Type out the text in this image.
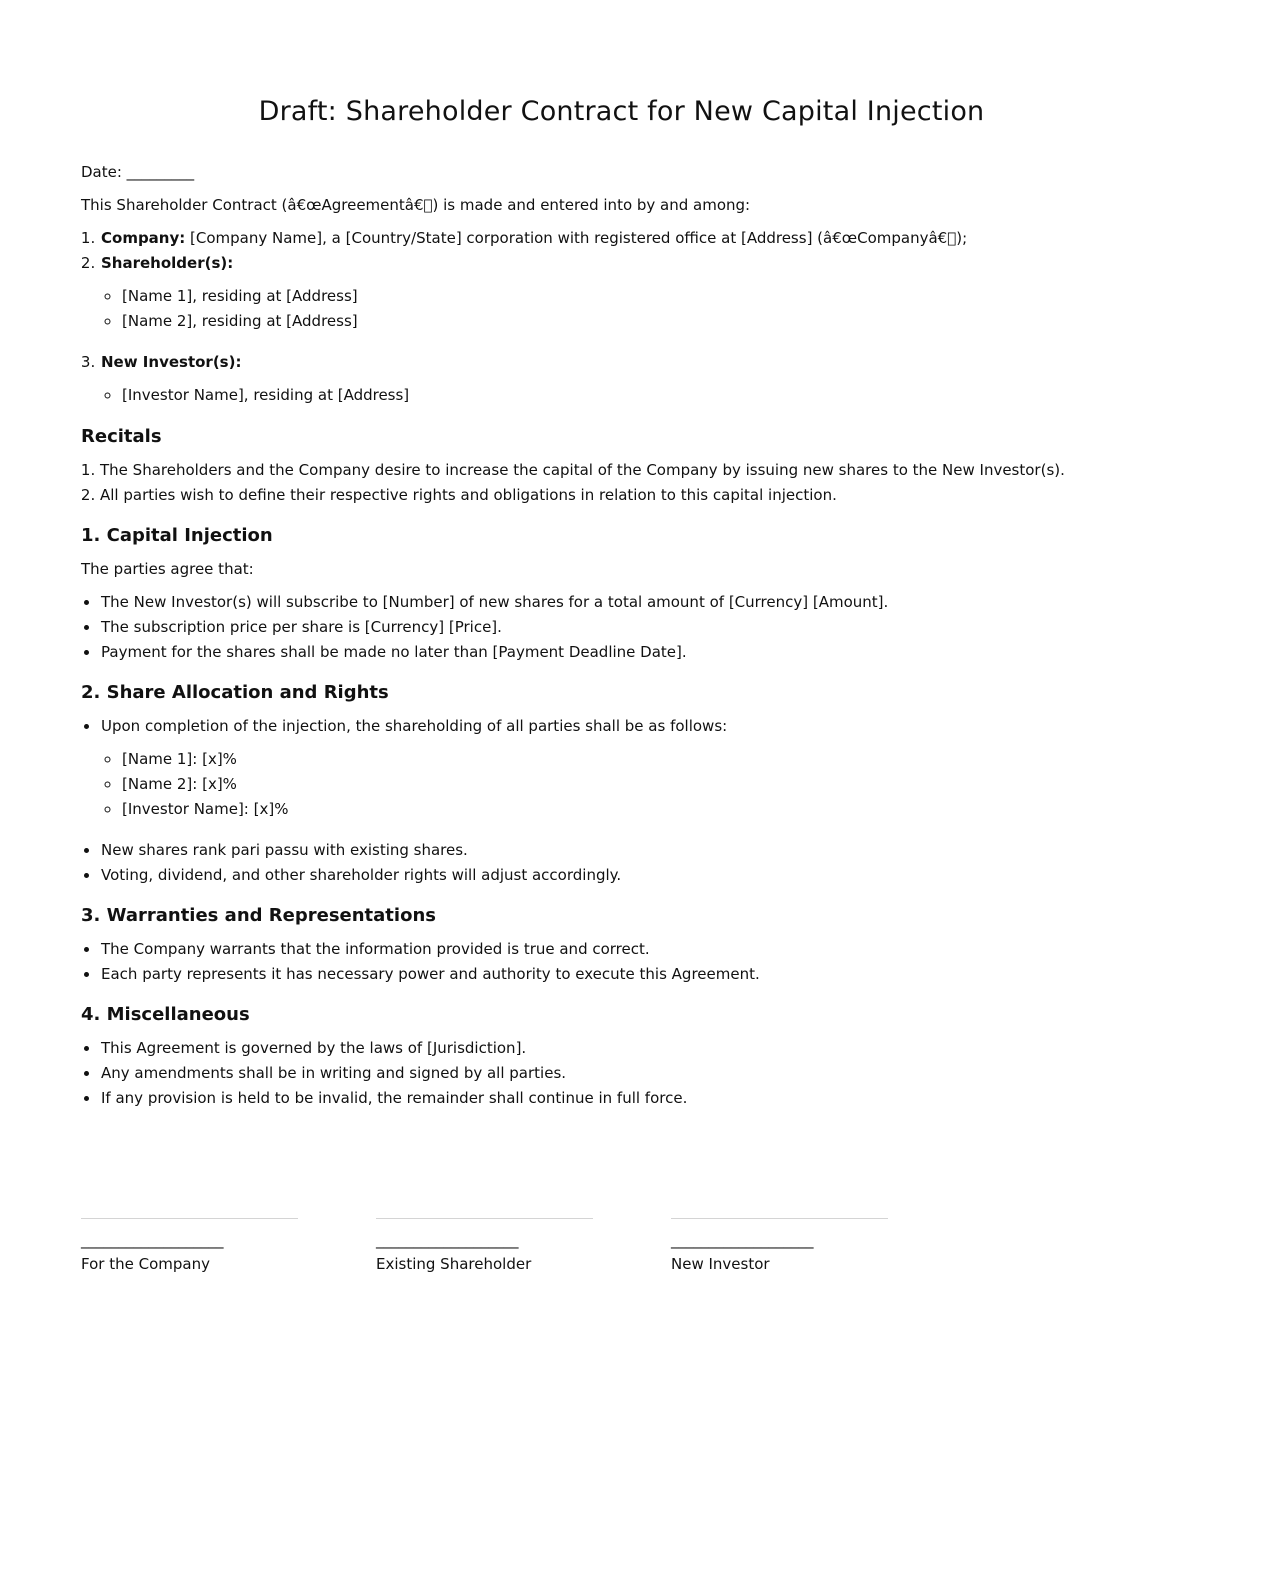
Draft: Shareholder Contract for New Capital Injection

Date: _________

This Shareholder Contract (â€œAgreementâ€ ) is made and entered into by and among:

1. Company: [Company Name], a [Country/State] corporation with registered office at [Address] (â€œCompanyâ€ );
2. Shareholder(s):
◦ [Name 1], residing at [Address]
◦ [Name 2], residing at [Address]
3. New Investor(s):
◦ [Investor Name], residing at [Address]
Recitals
1. The Shareholders and the Company desire to increase the capital of the Company by issuing new shares to the New Investor(s).
2. All parties wish to define their respective rights and obligations in relation to this capital injection.
1. Capital Injection

The parties agree that:

• The New Investor(s) will subscribe to [Number] of new shares for a total amount of [Currency] [Amount].
• The subscription price per share is [Currency] [Price].
• Payment for the shares shall be made no later than [Payment Deadline Date].
2. Share Allocation and Rights
• Upon completion of the injection, the shareholding of all parties shall be as follows:
◦ [Name 1]: [x]%
◦ [Name 2]: [x]%
◦ [Investor Name]: [x]%
• New shares rank pari passu with existing shares.
• Voting, dividend, and other shareholder rights will adjust accordingly.
3. Warranties and Representations
• The Company warrants that the information provided is true and correct.
• Each party represents it has necessary power and authority to execute this Agreement.
4. Miscellaneous
• This Agreement is governed by the laws of [Jurisdiction].
• Any amendments shall be in writing and signed by all parties.
• If any provision is held to be invalid, the remainder shall continue in full force.
___________________
For the Company
___________________
Existing Shareholder
___________________
New Investor
